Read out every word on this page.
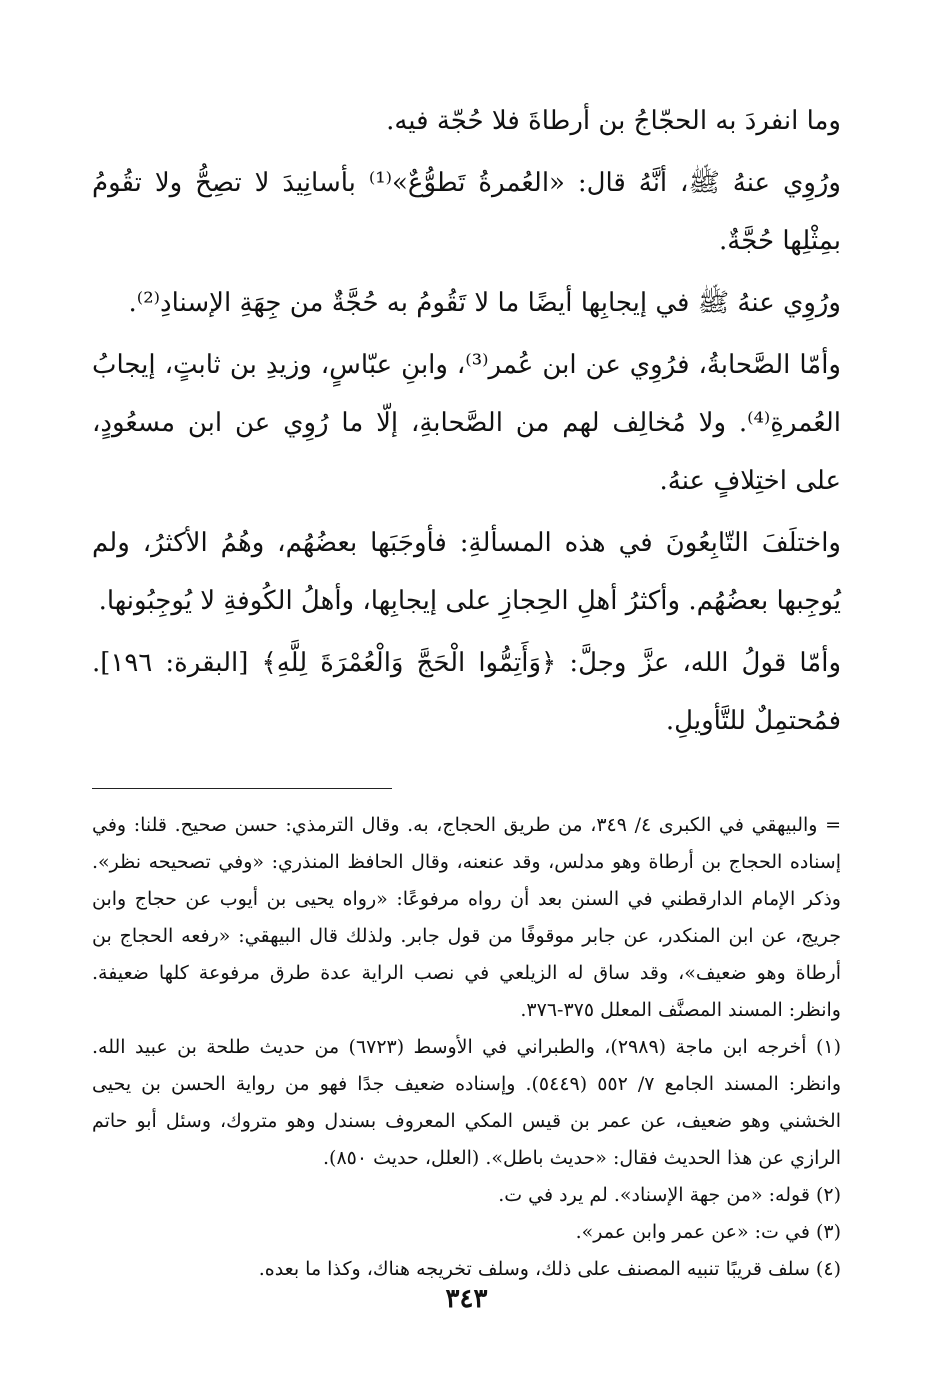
وما انفردَ به الحجّاجُ بن أرطاةَ فلا حُجّة فيه.

ورُوِي عنهُ ﷺ، أنَّهُ قال: «العُمرةُ تَطوُّعٌ»⁽¹⁾ بأسانِيدَ لا تصِحُّ ولا تقُومُ بمِثْلِها حُجَّةٌ.

ورُوِي عنهُ ﷺ في إيجابِها أيضًا ما لا تَقُومُ به حُجَّةٌ من جِهَةِ الإسنادِ⁽²⁾.

وأمّا الصَّحابةُ، فرُوِي عن ابن عُمر⁽³⁾، وابنِ عبّاسٍ، وزيدِ بن ثابتٍ، إيجابُ العُمرةِ⁽⁴⁾. ولا مُخالِف لهم من الصَّحابةِ، إلّا ما رُوِي عن ابن مسعُودٍ، على اختِلافٍ عنهُ.

واختلَفَ التّابِعُونَ في هذه المسألةِ: فأوجَبَها بعضُهُم، وهُمُ الأكثرُ، ولم يُوجِبها بعضُهُم. وأكثرُ أهلِ الحِجازِ على إيجابِها، وأهلُ الكُوفةِ لا يُوجِبُونها.

وأمّا قولُ الله، عزَّ وجلَّ: ﴿وَأَتِمُّوا الْحَجَّ وَالْعُمْرَةَ لِلَّهِ﴾ [البقرة: ١٩٦]. فمُحتمِلٌ للتَّأويلِ.

= والبيهقي في الكبرى ٤/ ٣٤٩، من طريق الحجاج، به. وقال الترمذي: حسن صحيح. قلنا: وفي إسناده الحجاج بن أرطاة وهو مدلس، وقد عنعنه، وقال الحافظ المنذري: «وفي تصحيحه نظر». وذكر الإمام الدارقطني في السنن بعد أن رواه مرفوعًا: «رواه يحيى بن أيوب عن حجاج وابن جريج، عن ابن المنكدر، عن جابر موقوفًا من قول جابر. ولذلك قال البيهقي: «رفعه الحجاج بن أرطاة وهو ضعيف»، وقد ساق له الزيلعي في نصب الراية عدة طرق مرفوعة كلها ضعيفة. وانظر: المسند المصنَّف المعلل ٣٧٥-٣٧٦.

(١) أخرجه ابن ماجة (٢٩٨٩)، والطبراني في الأوسط (٦٧٢٣) من حديث طلحة بن عبيد الله. وانظر: المسند الجامع ٧/ ٥٥٢ (٥٤٤٩). وإسناده ضعيف جدًا فهو من رواية الحسن بن يحيى الخشني وهو ضعيف، عن عمر بن قيس المكي المعروف بسندل وهو متروك، وسئل أبو حاتم الرازي عن هذا الحديث فقال: «حديث باطل». (العلل، حديث ٨٥٠).

(٢) قوله: «من جهة الإسناد». لم يرد في ت.

(٣) في ت: «عن عمر وابن عمر».

(٤) سلف قريبًا تنبيه المصنف على ذلك، وسلف تخريجه هناك، وكذا ما بعده.

٣٤٣
